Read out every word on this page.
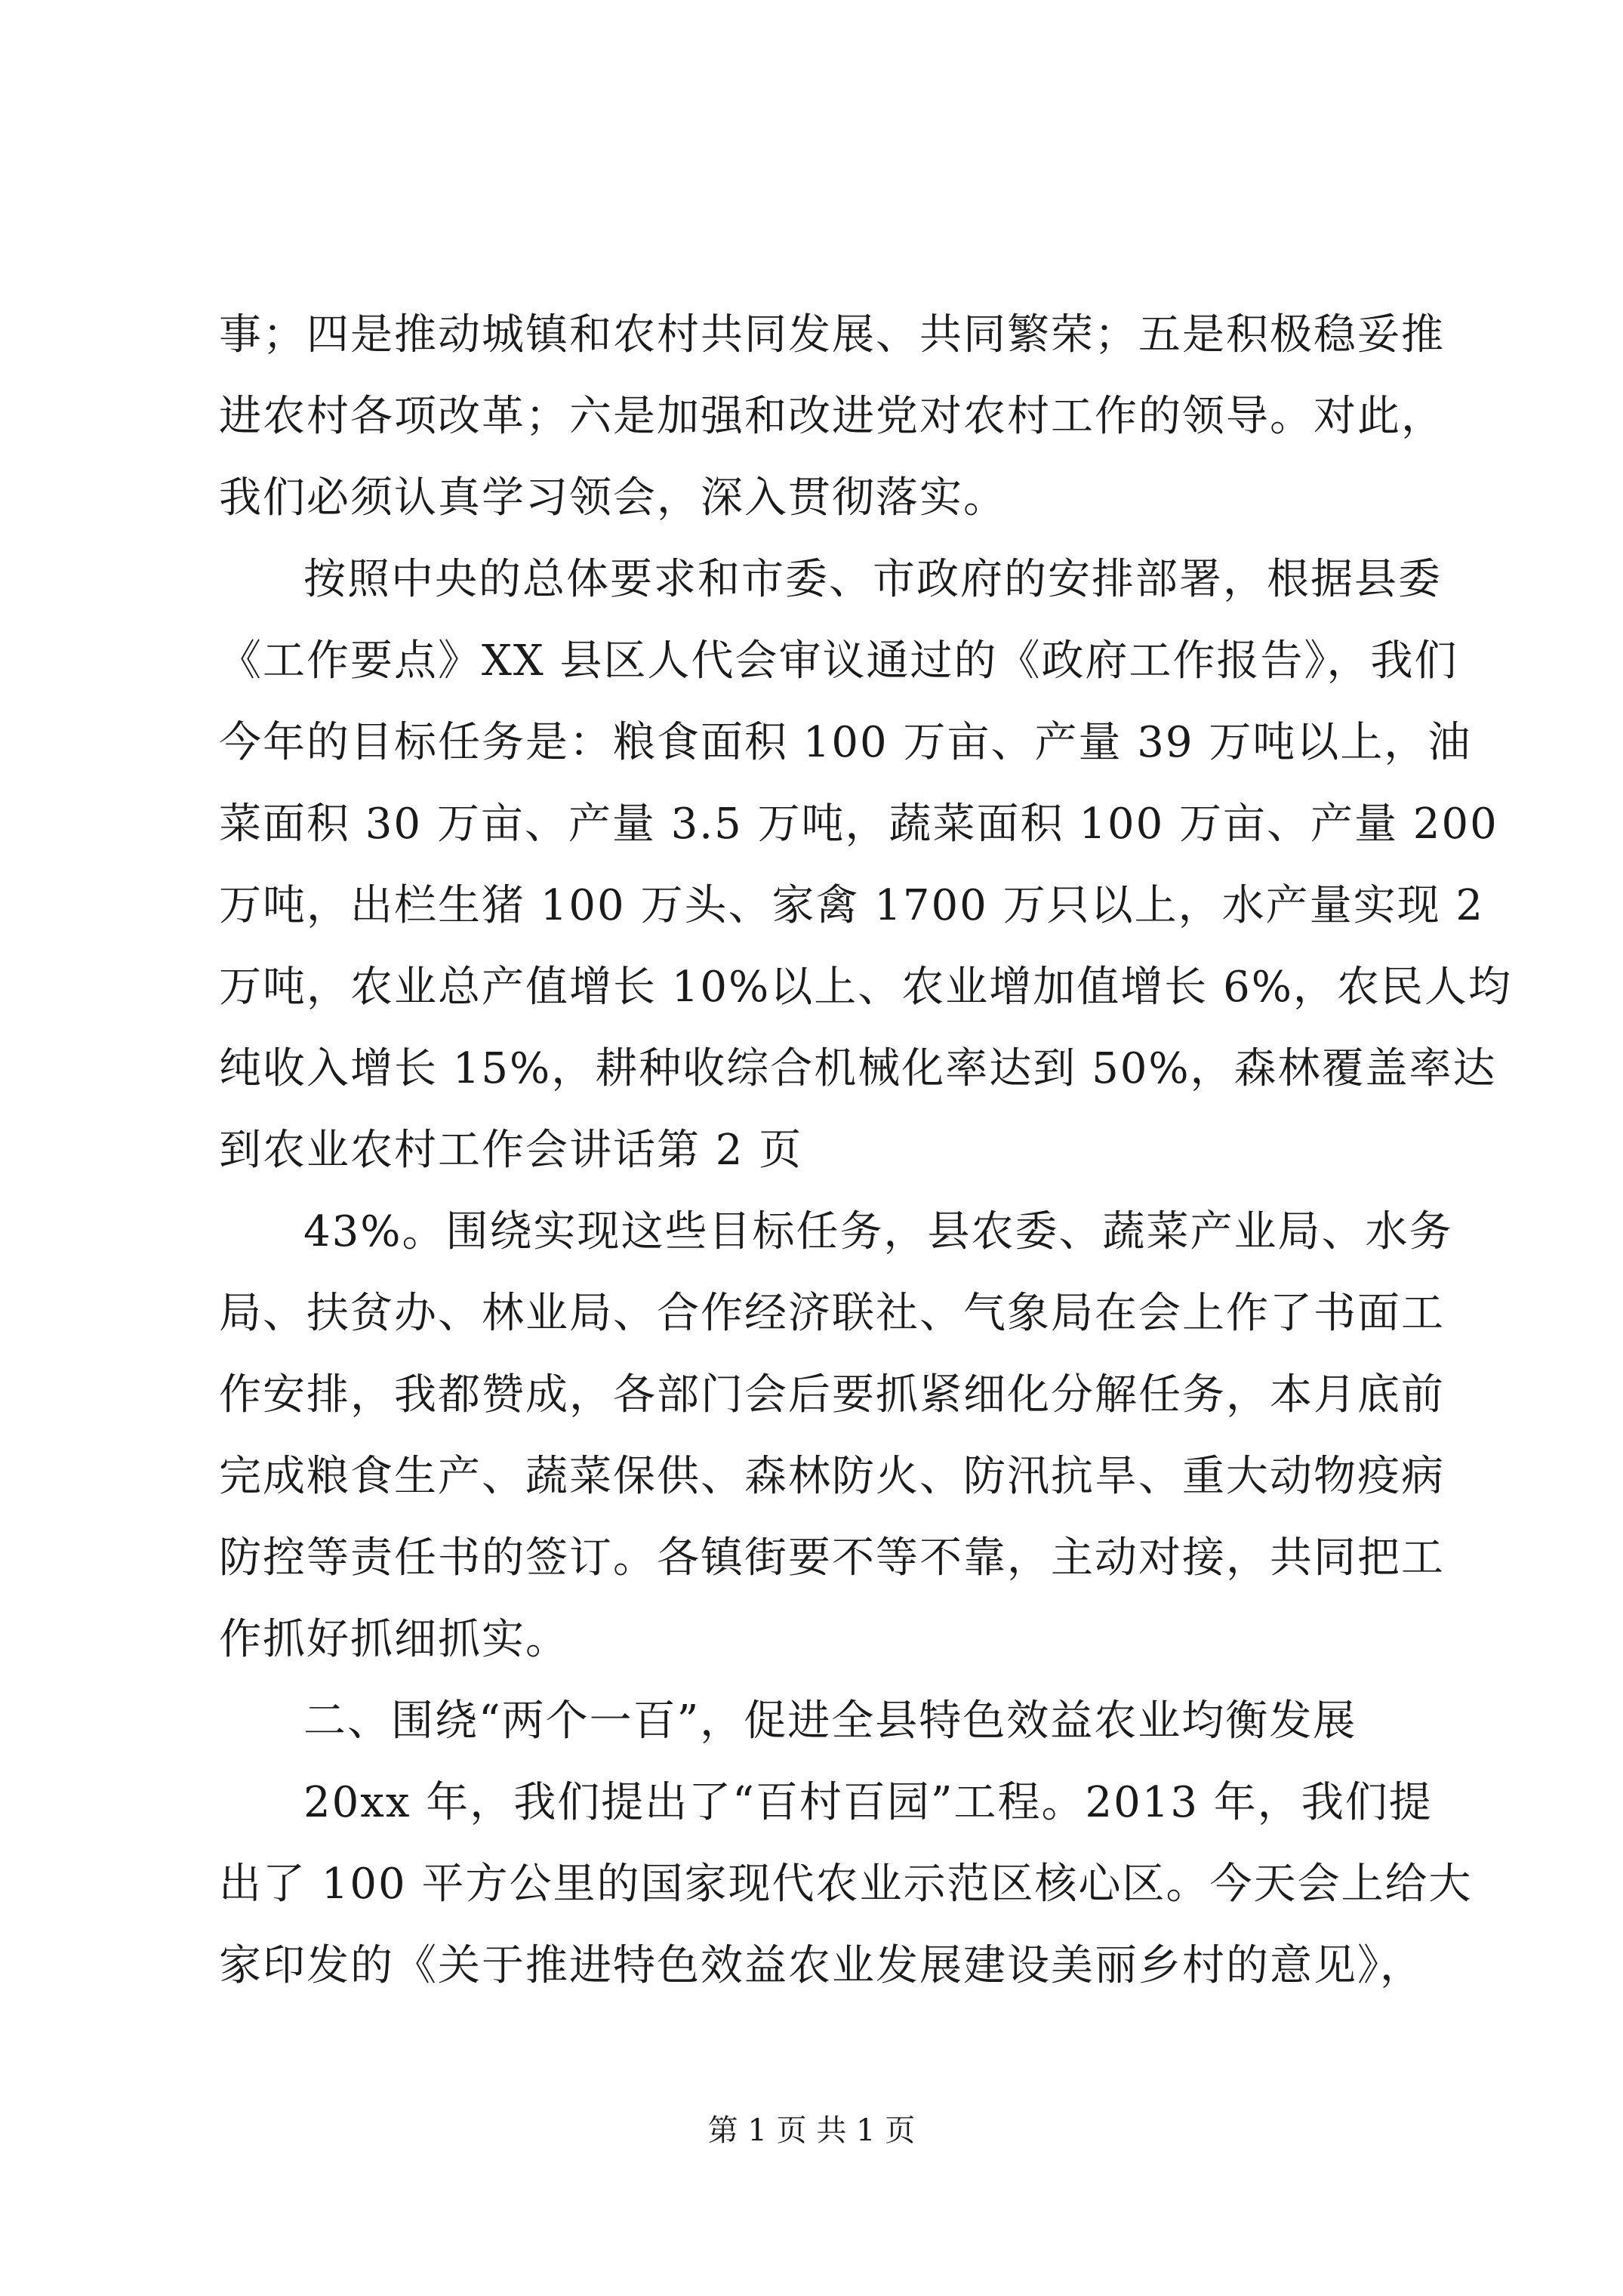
事；四是推动城镇和农村共同发展、共同繁荣；五是积极稳妥推
进农村各项改革；六是加强和改进党对农村工作的领导。对此，
我们必须认真学习领会，深入贯彻落实。
按照中央的总体要求和市委、市政府的安排部署，根据县委
《工作要点》XX 县区人代会审议通过的《政府工作报告》，我们
今年的目标任务是：粮食面积 100 万亩、产量 39 万吨以上，油
菜面积 30 万亩、产量 3.5 万吨，蔬菜面积 100 万亩、产量 200
万吨，出栏生猪 100 万头、家禽 1700 万只以上，水产量实现 2
万吨，农业总产值增长 10%以上、农业增加值增长 6%，农民人均
纯收入增长 15%，耕种收综合机械化率达到 50%，森林覆盖率达
到农业农村工作会讲话第 2 页
43%。围绕实现这些目标任务，县农委、蔬菜产业局、水务
局、扶贫办、林业局、合作经济联社、气象局在会上作了书面工
作安排，我都赞成，各部门会后要抓紧细化分解任务，本月底前
完成粮食生产、蔬菜保供、森林防火、防汛抗旱、重大动物疫病
防控等责任书的签订。各镇街要不等不靠，主动对接，共同把工
作抓好抓细抓实。
二、围绕“两个一百”，促进全县特色效益农业均衡发展
20xx 年，我们提出了“百村百园”工程。2013 年，我们提
出了 100 平方公里的国家现代农业示范区核心区。今天会上给大
家印发的《关于推进特色效益农业发展建设美丽乡村的意见》，
第 1 页 共 1 页
